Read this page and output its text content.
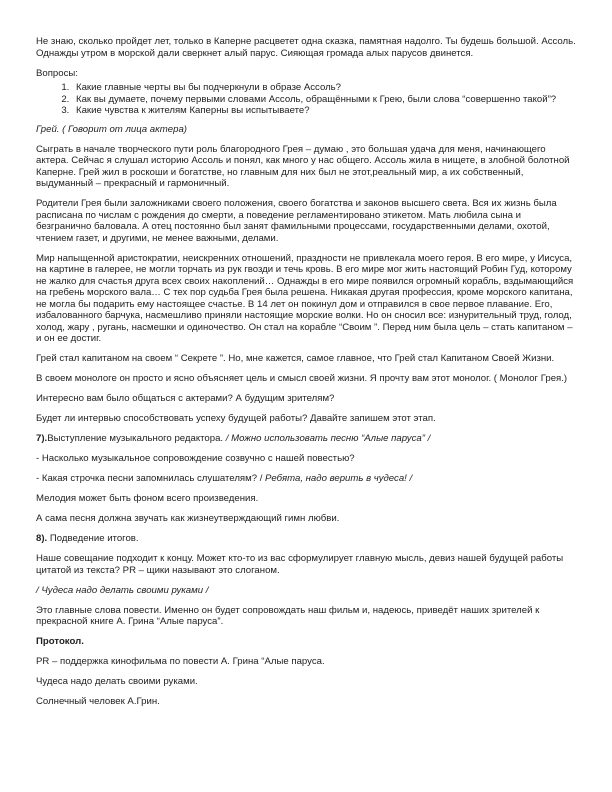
Не знаю, сколько пройдет лет, только в Каперне расцветет одна сказка, памятная надолго. Ты будешь большой. Ассоль. Однажды утром в морской дали сверкнет алый парус. Сияющая громада алых парусов двинется.

Вопросы:

1. Какие главные черты вы бы подчеркнули в образе Ассоль?
2. Как вы думаете, почему первыми словами Ассоль, обращёнными к Грею, были слова “совершенно такой”?
3. Какие чувства к жителям Каперны вы испытываете?

Грей. ( Говорит от лица актера)

Сыграть в начале творческого пути роль благородного Грея – думаю , это большая удача для меня, начинающего актера. Сейчас я слушал историю Ассоль и понял, как много у нас общего. Ассоль жила в нищете, в злобной болотной Каперне. Грей жил в роскоши и богатстве, но главным для них был не этот,реальный мир, а их собственный, выдуманный – прекрасный и гармоничный.

Родители Грея были заложниками своего положения, своего богатства и законов высшего света. Вся их жизнь была расписана по числам с рождения до смерти, а поведение регламентировано этикетом. Мать любила сына и безгранично баловала. А отец постоянно был занят фамильными процессами, государственными делами, охотой, чтением газет, и другими, не менее важными, делами.

Мир напыщенной аристократии, неискренних отношений, праздности не привлекала моего героя. В его мире, у Иисуса, на картине в галерее, не могли торчать из рук гвозди и течь кровь. В его мире мог жить настоящий Робин Гуд, которому не жалко для счастья друга всех своих накоплений… Однажды в его мире появился огромный корабль, вздымающийся на гребень морского вала… С тех пор судьба Грея была решена. Никакая другая профессия, кроме морского капитана, не могла бы подарить ему настоящее счастье. В 14 лет он покинул дом и отправился в свое первое плавание. Его, избалованного барчука, насмешливо приняли настоящие морские волки. Но он сносил все: изнурительный труд, голод, холод, жару , ругань, насмешки и одиночество. Он стал на корабле “Своим ”. Перед ним была цель – стать капитаном – и он ее достиг.

Грей стал капитаном на своем “ Секрете ”. Но, мне кажется, самое главное, что Грей стал Капитаном Своей Жизни.

В своем монологе он просто и ясно объясняет цель и смысл своей жизни. Я прочту вам этот монолог. ( Монолог Грея.)

Интересно вам было общаться с актерами? А будущим зрителям?

Будет ли интервью способствовать успеху будущей работы? Давайте запишем этот этап.

7).Выступление музыкального редактора. / Можно использовать песню “Алые паруса” /

- Насколько музыкальное сопровождение созвучно с нашей повестью?

- Какая строчка песни запомнилась слушателям? / Ребята, надо верить в чудеса! /

Мелодия может быть фоном всего произведения.

А сама песня должна звучать как жизнеутверждающий гимн любви.

8). Подведение итогов.

Наше совещание подходит к концу. Может кто-то из вас сформулирует главную мысль, девиз нашей будущей работы цитатой из текста? PR – щики называют это слоганом.

/ Чудеса надо делать своими руками /

Это главные слова повести. Именно он будет сопровождать наш фильм и, надеюсь, приведёт наших зрителей к прекрасной книге А. Грина “Алые паруса”.

Протокол.

PR – поддержка кинофильма по повести А. Грина “Алые паруса.

Чудеса надо делать своими руками.

Солнечный человек А.Грин.
